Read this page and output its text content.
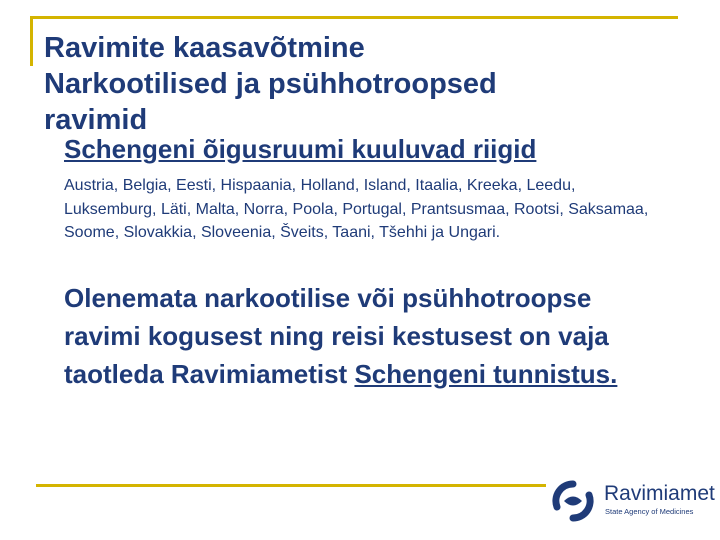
Ravimite kaasavõtmine
Narkootilised ja psühhotroopsed
ravimid
Schengeni õigusruumi kuuluvad riigid

Austria, Belgia, Eesti, Hispaania, Holland, Island, Itaalia, Kreeka, Leedu, Luksemburg, Läti, Malta, Norra, Poola, Portugal, Prantsusmaa, Rootsi, Saksamaa, Soome, Slovakkia, Sloveenia, Šveits, Taani, Tšehhi ja Ungari.

Olenemata narkootilise või psühhotroopse ravimi kogusest ning reisi kestusest on vaja taotleda Ravimiametist Schengeni tunnistus.

Ravimiamet
State Agency of Medicines
